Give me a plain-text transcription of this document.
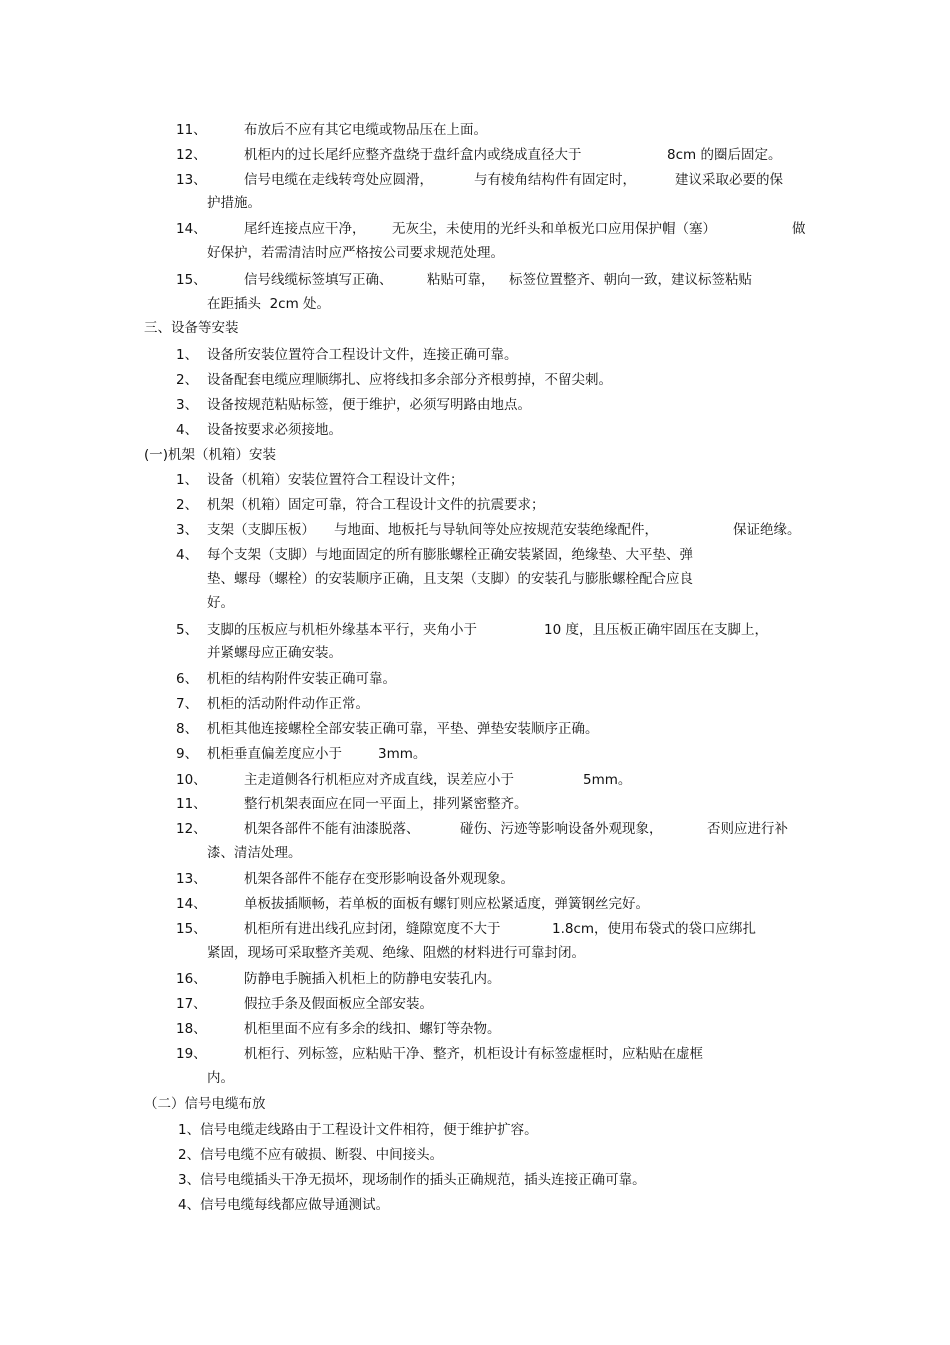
11、	布放后不应有其它电缆或物品压在上面。
12、	机柜内的过长尾纤应整齐盘绕于盘纤盒内或绕成直径大于	8cm 的圈后固定。
13、	信号电缆在走线转弯处应圆滑，	与有棱角结构件有固定时，	建议采取必要的保
护措施。
14、	尾纤连接点应干净， 无灰尘，未使用的光纤头和单板光口应用保护帽（塞）	做
好保护，若需清洁时应严格按公司要求规范处理。
15、	信号线缆标签填写正确、	粘贴可靠， 标签位置整齐、朝向一致，建议标签粘贴
在距插头  2cm 处。
三、设备等安装
1、 设备所安装位置符合工程设计文件，连接正确可靠。
2、 设备配套电缆应理顺绑扎、应将线扣多余部分齐根剪掉，不留尖刺。
3、 设备按规范粘贴标签，便于维护，必须写明路由地点。
4、 设备按要求必须接地。
(一)机架（机箱）安装
1、 设备（机箱）安装位置符合工程设计文件；
2、 机架（机箱）固定可靠，符合工程设计文件的抗震要求；
3、 支架（支脚压板） 与地面、地板托与导轨间等处应按规范安装绝缘配件，	保证绝缘。
4、 每个支架（支脚）与地面固定的所有膨胀螺栓正确安装紧固，绝缘垫、大平垫、弹
垫、螺母（螺栓）的安装顺序正确，且支架（支脚）的安装孔与膨胀螺栓配合应良
好。
5、 支脚的压板应与机柜外缘基本平行，夹角小于	10 度，且压板正确牢固压在支脚上，
并紧螺母应正确安装。
6、 机柜的结构附件安装正确可靠。
7、 机柜的活动附件动作正常。
8、 机柜其他连接螺栓全部安装正确可靠，平垫、弹垫安装顺序正确。
9、 机柜垂直偏差度应小于	3mm。
10、	主走道侧各行机柜应对齐成直线，误差应小于	5mm。
11、	整行机架表面应在同一平面上，排列紧密整齐。
12、	机架各部件不能有油漆脱落、	碰伤、污迹等影响设备外观现象，	否则应进行补
漆、清洁处理。
13、	机架各部件不能存在变形影响设备外观现象。
14、	单板拔插顺畅，若单板的面板有螺钉则应松紧适度，弹簧钢丝完好。
15、	机柜所有进出线孔应封闭，缝隙宽度不大于	1.8cm，使用布袋式的袋口应绑扎
紧固，现场可采取整齐美观、绝缘、阻燃的材料进行可靠封闭。
16、	防静电手腕插入机柜上的防静电安装孔内。
17、	假拉手条及假面板应全部安装。
18、	机柜里面不应有多余的线扣、螺钉等杂物。
19、	机柜行、列标签，应粘贴干净、整齐，机柜设计有标签虚框时，应粘贴在虚框
内。
（二）信号电缆布放
1、信号电缆走线路由于工程设计文件相符，便于维护扩容。
2、信号电缆不应有破损、断裂、中间接头。
3、信号电缆插头干净无损坏，现场制作的插头正确规范，插头连接正确可靠。
4、信号电缆每线都应做导通测试。
